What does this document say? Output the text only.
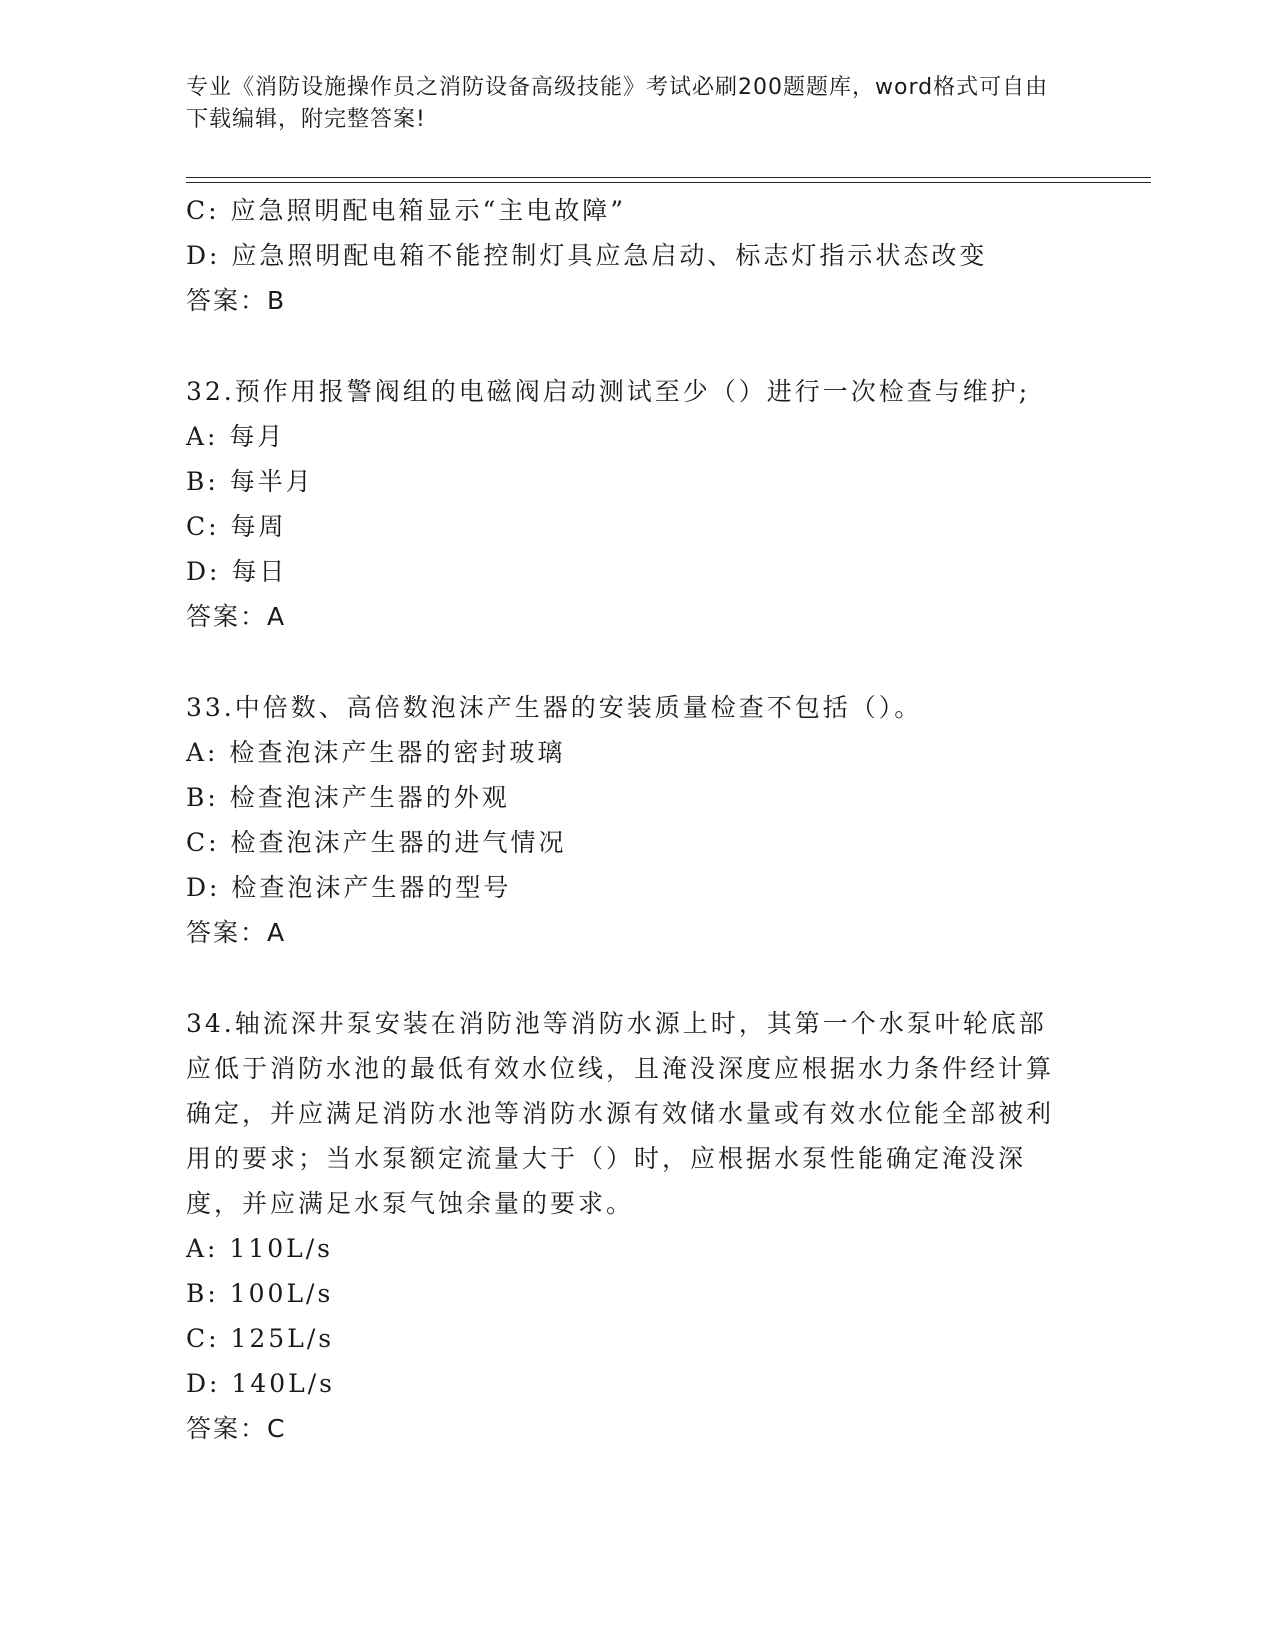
专业《消防设施操作员之消防设备高级技能》考试必刷200题题库，word格式可自由下载编辑，附完整答案!
C: 应急照明配电箱显示“主电故障”
D: 应急照明配电箱不能控制灯具应急启动、标志灯指示状态改变
答案：B
32.预作用报警阀组的电磁阀启动测试至少（）进行一次检查与维护;
A: 每月
B: 每半月
C: 每周
D: 每日
答案：A
33.中倍数、高倍数泡沫产生器的安装质量检查不包括（）。
A: 检查泡沫产生器的密封玻璃
B: 检查泡沫产生器的外观
C: 检查泡沫产生器的进气情况
D: 检查泡沫产生器的型号
答案：A
34.轴流深井泵安装在消防池等消防水源上时，其第一个水泵叶轮底部应低于消防水池的最低有效水位线，且淹没深度应根据水力条件经计算确定，并应满足消防水池等消防水源有效储水量或有效水位能全部被利用的要求；当水泵额定流量大于（）时，应根据水泵性能确定淹没深度，并应满足水泵气蚀余量的要求。
A: 110L/s
B: 100L/s
C: 125L/s
D: 140L/s
答案：C
